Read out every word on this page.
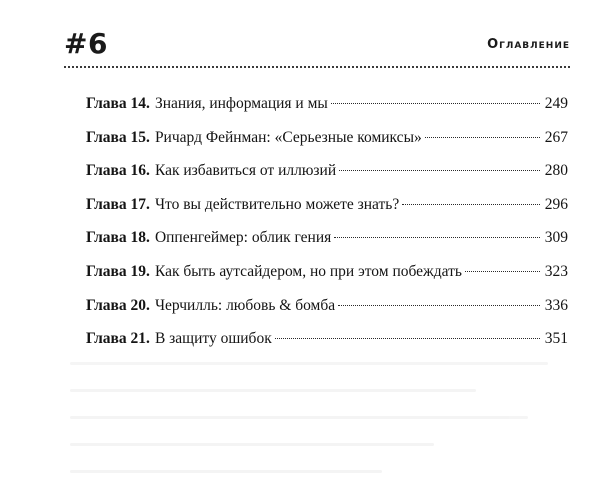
#6	Оглавление
Глава 14. Знания, информация и мы	249
Глава 15. Ричард Фейнман: «Серьезные комиксы»	267
Глава 16. Как избавиться от иллюзий	280
Глава 17. Что вы действительно можете знать?	296
Глава 18. Оппенгеймер: облик гения	309
Глава 19. Как быть аутсайдером, но при этом побеждать	323
Глава 20. Черчилль: любовь & бомба	336
Глава 21. В защиту ошибок	351
